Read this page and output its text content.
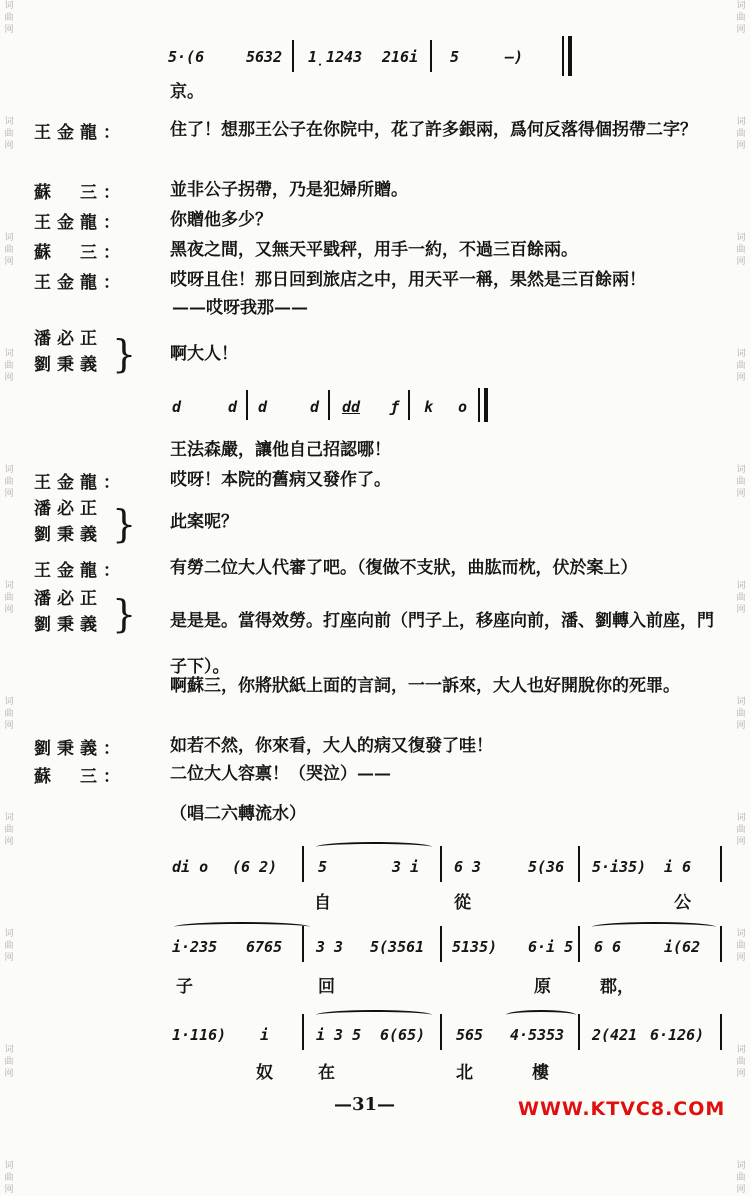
词曲网
词曲网
词曲网
词曲网
词曲网
词曲网
词曲网
词曲网
词曲网
词曲网
词曲网
词曲网
词曲网
词曲网
词曲网
词曲网
词曲网
词曲网
词曲网
词曲网
词曲网
词曲网
5·(6	5632 1̣1243 216i 5	—)
京。
王金龍：	住了！想那王公子在你院中，花了許多銀兩，爲何反落得個拐帶二字？
蘇　三：	並非公子拐帶，乃是犯婦所贈。
王金龍：	你贈他多少？
蘇　三：	黑夜之間，又無天平戥秤，用手一約，不過三百餘兩。
王金龍：	哎呀且住！那日回到旅店之中，用天平一稱，果然是三百餘兩！
——哎呀我那——
潘必正
劉秉義 } 啊大人！
d	d d	d dd ƒ k o
王法森嚴，讓他自己招認哪！
王金龍：	哎呀！本院的舊病又發作了。
潘必正
劉秉義 } 此案呢？
王金龍：	有勞二位大人代審了吧。（復做不支狀，曲肱而枕，伏於案上）
潘必正
劉秉義 } 是是是。當得效勞。打座向前（門子上，移座向前，潘、劉轉入前座，門子下）。
啊蘇三，你將狀紙上面的言詞，一一訴來，大人也好開脫你的死罪。
劉秉義：	如若不然，你來看，大人的病又復發了哇！
蘇　三：	二位大人容禀！（哭泣）——
（唱二六轉流水）
di o (6 2)	5	3 i 6 3	5(36 5·i35) i 6
自	從	公
i·235 6765 3 3 5(3561 5135) 6·i 5 6 6	i(62
子	回	原	郡，
1·116) i	i 3 5 6(65) 565 4·5353 2(421 6·126)
奴	在	北	樓
—31—	WWW.KTVC8.COM
